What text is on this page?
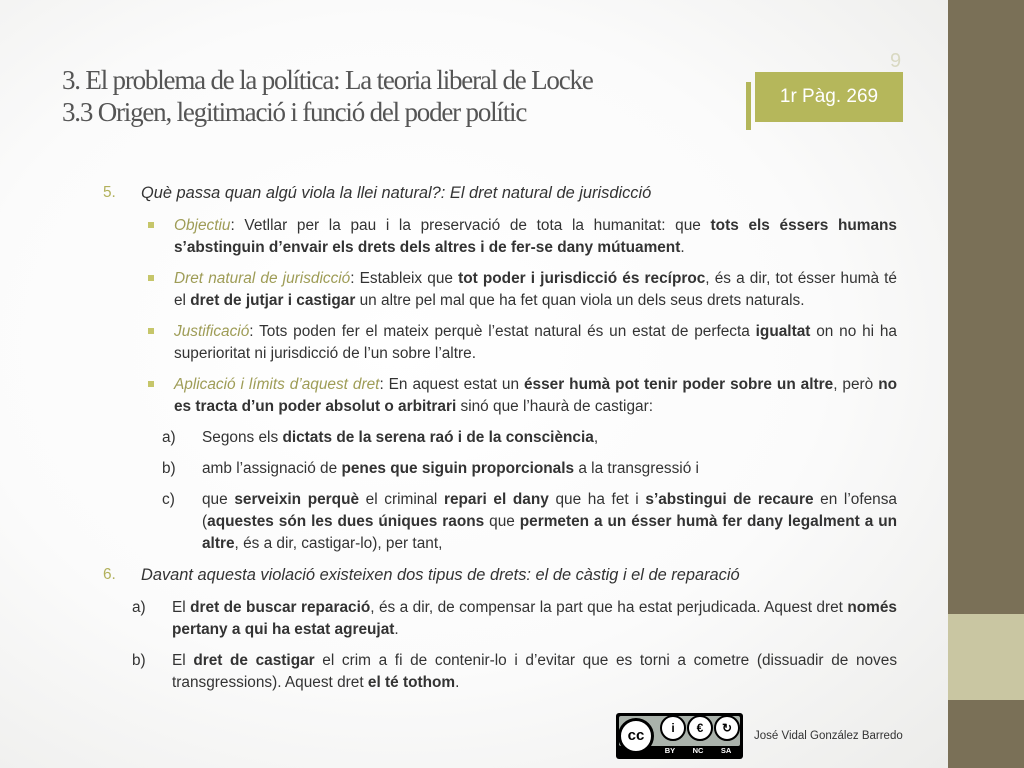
3. El problema de la política: La teoria liberal de Locke
3.3 Origen, legitimació i funció del poder polític
9
1r Pàg. 269
5. Què passa quan algú viola la llei natural?: El dret natural de jurisdicció
Objectiu: Vetllar per la pau i la preservació de tota la humanitat: que tots els éssers humans s’abstinguin d’envair els drets dels altres i de fer-se dany mútuament.
Dret natural de jurisdicció: Estableix que tot poder i jurisdicció és recíproc, és a dir, tot ésser humà té el dret de jutjar i castigar un altre pel mal que ha fet quan viola un dels seus drets naturals.
Justificació: Tots poden fer el mateix perquè l’estat natural és un estat de perfecta igualtat on no hi ha superioritat ni jurisdicció de l’un sobre l’altre.
Aplicació i límits d’aquest dret: En aquest estat un ésser humà pot tenir poder sobre un altre, però no es tracta d’un poder absolut o arbitrari sinó que l’haurà de castigar:
a) Segons els dictats de la serena raó i de la consciència,
b) amb l’assignació de penes que siguin proporcionals a la transgressió i
c) que serveixin perquè el criminal repari el dany que ha fet i s’abstingui de recaure en l’ofensa (aquestes són les dues úniques raons que permeten a un ésser humà fer dany legalment a un altre, és a dir, castigar-lo), per tant,
6. Davant aquesta violació existeixen dos tipus de drets: el de càstig i el de reparació
a) El dret de buscar reparació, és a dir, de compensar la part que ha estat perjudicada. Aquest dret només pertany a qui ha estat agreujat.
b) El dret de castigar el crim a fi de contenir-lo i d’evitar que es torni a cometre (dissuadir de noves transgressions). Aquest dret el té tothom.
cc	i	€	↻
BY NC SA
José Vidal González Barredo
